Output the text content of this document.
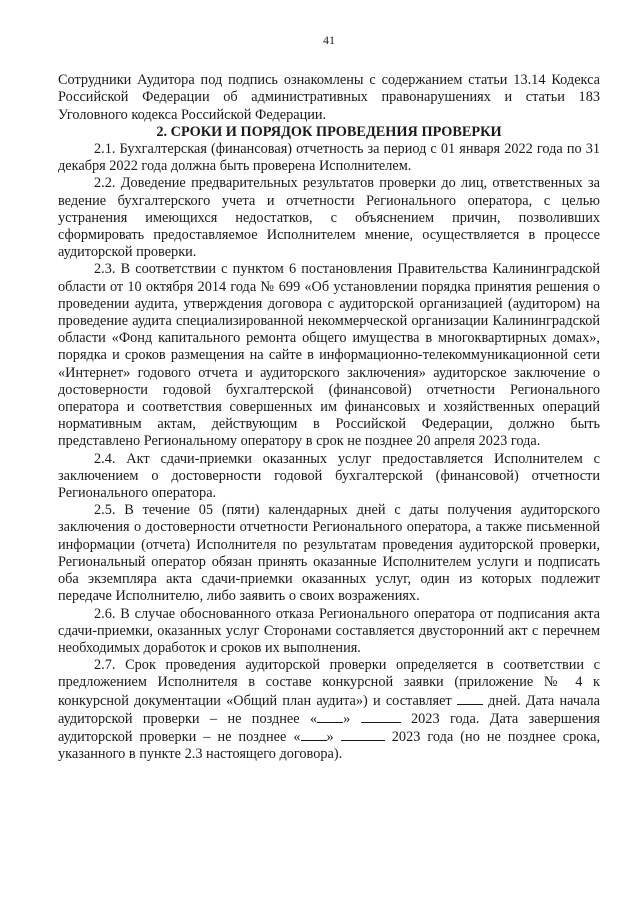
41

Сотрудники Аудитора под подпись ознакомлены с содержанием статьи 13.14 Кодекса Российской Федерации об административных правонарушениях и статьи 183 Уголовного кодекса Российской Федерации.

2. СРОКИ И ПОРЯДОК ПРОВЕДЕНИЯ ПРОВЕРКИ

2.1. Бухгалтерская (финансовая) отчетность за период с 01 января 2022 года по 31 декабря 2022 года должна быть проверена Исполнителем.

2.2. Доведение предварительных результатов проверки до лиц, ответственных за ведение бухгалтерского учета и отчетности Регионального оператора, с целью устранения имеющихся недостатков, с объяснением причин, позволивших сформировать предоставляемое Исполнителем мнение, осуществляется в процессе аудиторской проверки.

2.3. В соответствии с пунктом 6 постановления Правительства Калининградской области от 10 октября 2014 года № 699 «Об установлении порядка принятия решения о проведении аудита, утверждения договора с аудиторской организацией (аудитором) на проведение аудита специализированной некоммерческой организации Калининградской области «Фонд капитального ремонта общего имущества в многоквартирных домах», порядка и сроков размещения на сайте в информационно-телекоммуникационной сети «Интернет» годового отчета и аудиторского заключения» аудиторское заключение о достоверности годовой бухгалтерской (финансовой) отчетности Регионального оператора и соответствия совершенных им финансовых и хозяйственных операций нормативным актам, действующим в Российской Федерации, должно быть представлено Региональному оператору в срок не позднее 20 апреля 2023 года.

2.4. Акт сдачи-приемки оказанных услуг предоставляется Исполнителем с заключением о достоверности годовой бухгалтерской (финансовой) отчетности Регионального оператора.

2.5. В течение 05 (пяти) календарных дней с даты получения аудиторского заключения о достоверности отчетности Регионального оператора, а также письменной информации (отчета) Исполнителя по результатам проведения аудиторской проверки, Региональный оператор обязан принять оказанные Исполнителем услуги и подписать оба экземпляра акта сдачи-приемки оказанных услуг, один из которых подлежит передаче Исполнителю, либо заявить о своих возражениях.

2.6. В случае обоснованного отказа Регионального оператора от подписания акта сдачи-приемки, оказанных услуг Сторонами составляется двусторонний акт с перечнем необходимых доработок и сроков их выполнения.

2.7. Срок проведения аудиторской проверки определяется в соответствии с предложением Исполнителя в составе конкурсной заявки (приложение № 4 к конкурсной документации «Общий план аудита») и составляет	дней. Дата начала аудиторской проверки – не позднее « »	2023 года. Дата завершения аудиторской проверки – не позднее « »	2023 года (но не позднее срока, указанного в пункте 2.3 настоящего договора).
